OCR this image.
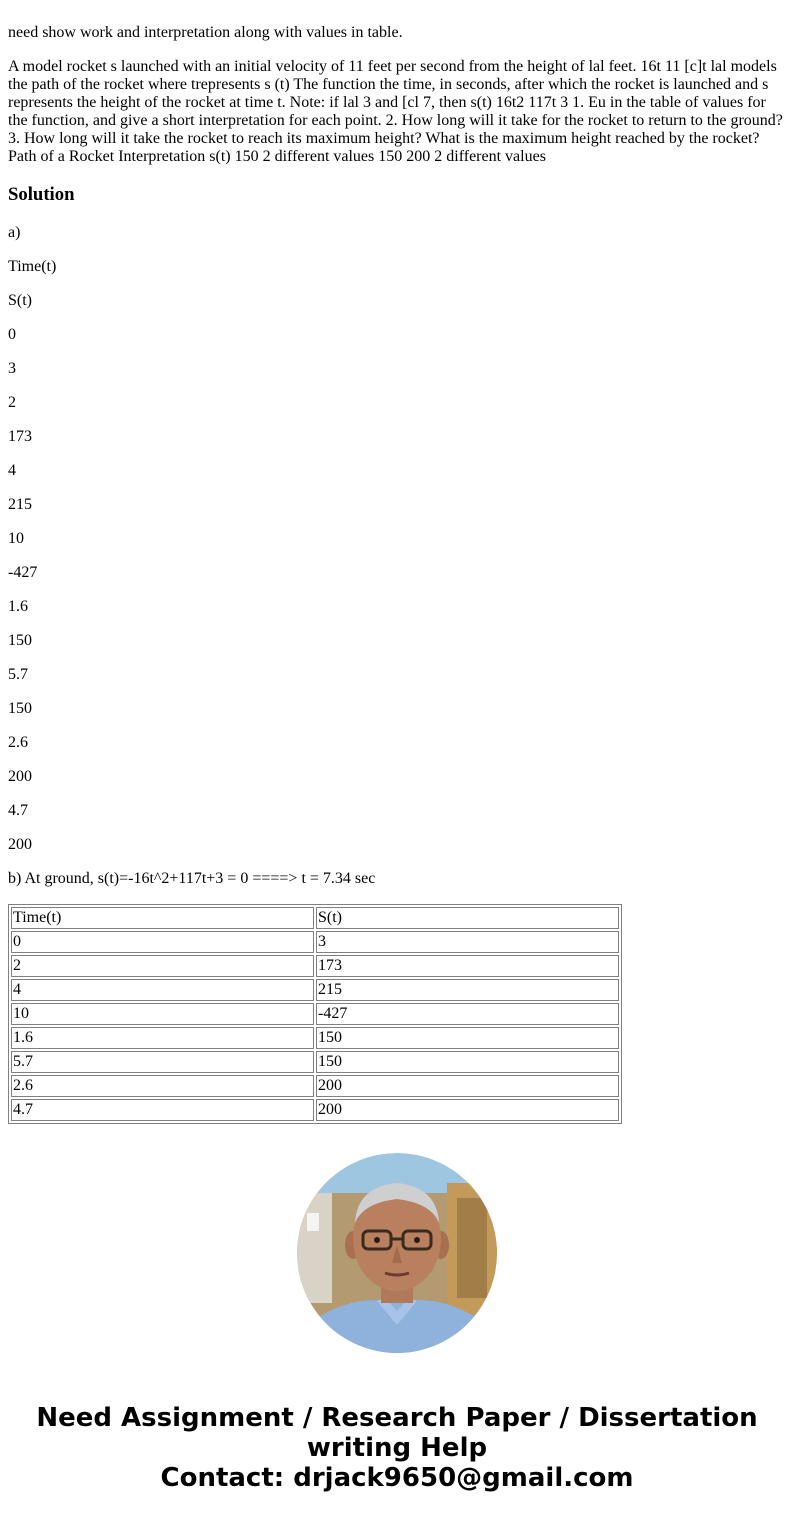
need show work and interpretation along with values in table.

A model rocket s launched with an initial velocity of 11 feet per second from the height of lal feet. 16t 11 [c]t lal models the path of the rocket where trepresents s (t) The function the time, in seconds, after which the rocket is launched and s represents the height of the rocket at time t. Note: if lal 3 and [cl 7, then s(t) 16t2 117t 3 1. Eu in the table of values for the function, and give a short interpretation for each point. 2. How long will it take for the rocket to return to the ground? 3. How long will it take the rocket to reach its maximum height? What is the maximum height reached by the rocket? Path of a Rocket Interpretation s(t) 150 2 different values 150 200 2 different values

Solution

a)

Time(t)

S(t)

0

3

2

173

4

215

10

-427

1.6

150

5.7

150

2.6

200

4.7

200

b) At ground, s(t)=-16t^2+117t+3 = 0 ====> t = 7.34 sec

Time(t)	S(t)
0	3
2	173
4	215
10	-427
1.6	150
5.7	150
2.6	200
4.7	200
Need Assignment / Research Paper / Dissertation
writing Help
Contact: drjack9650@gmail.com
